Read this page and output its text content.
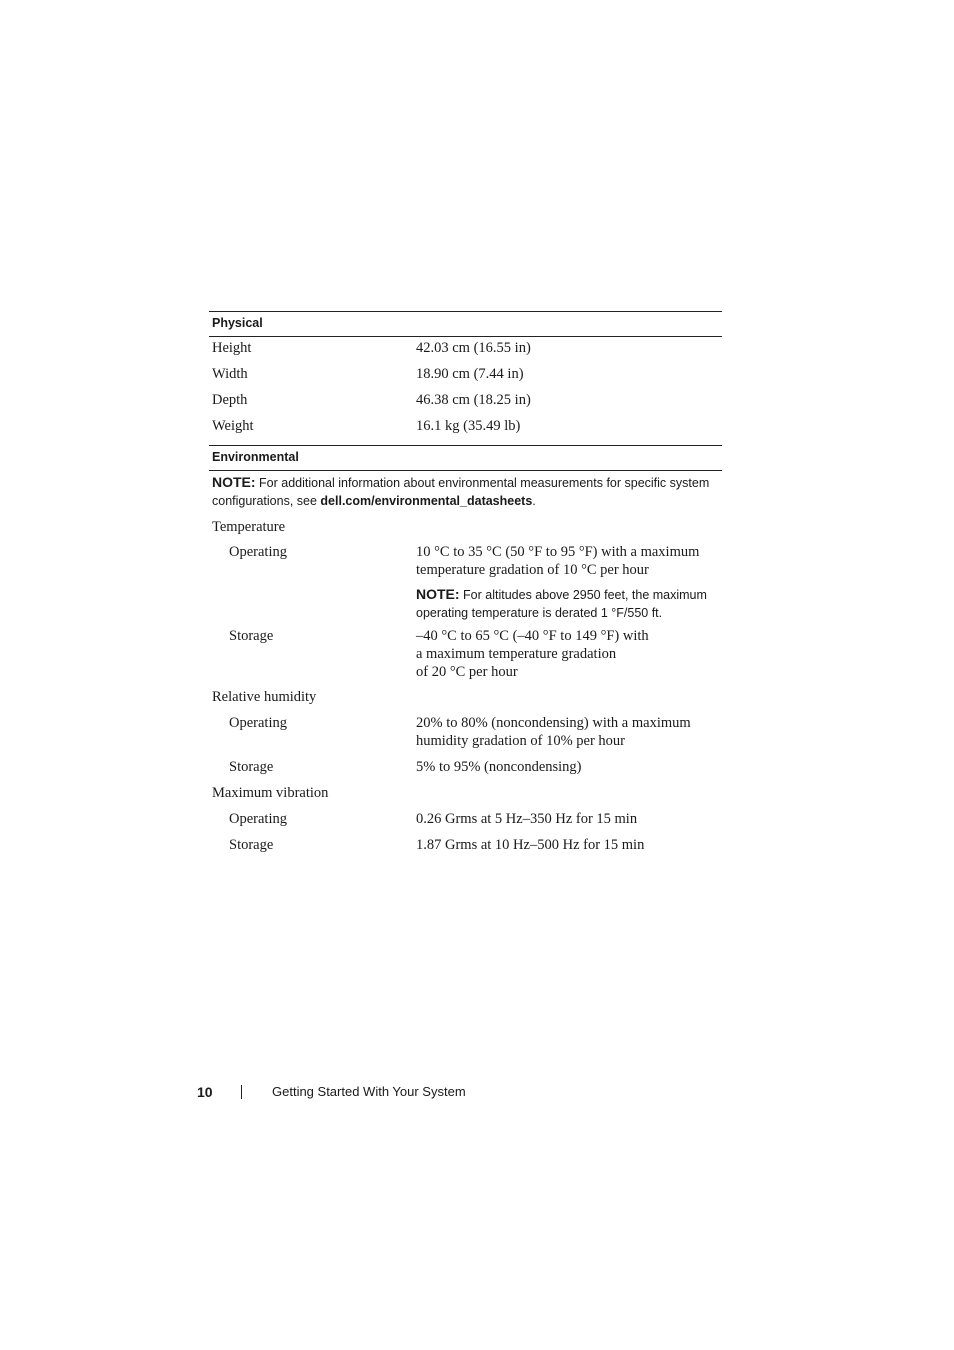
Physical
Height	42.03 cm (16.55 in)
Width	18.90 cm (7.44 in)
Depth	46.38 cm (18.25 in)
Weight	16.1 kg (35.49 lb)
Environmental
NOTE: For additional information about environmental measurements for specific system configurations, see dell.com/environmental_datasheets.
Temperature
Operating	10 °C to 35 °C (50 °F to 95 °F) with a maximum temperature gradation of 10 °C per hour
NOTE: For altitudes above 2950 feet, the maximum operating temperature is derated 1 °F/550 ft.
Storage	–40 °C to 65 °C (–40 °F to 149 °F) with
a maximum temperature gradation
of 20 °C per hour
Relative humidity
Operating	20% to 80% (noncondensing) with a maximum humidity gradation of 10% per hour
Storage	5% to 95% (noncondensing)
Maximum vibration
Operating	0.26 Grms at 5 Hz–350 Hz for 15 min
Storage	1.87 Grms at 10 Hz–500 Hz for 15 min
10	Getting Started With Your System
